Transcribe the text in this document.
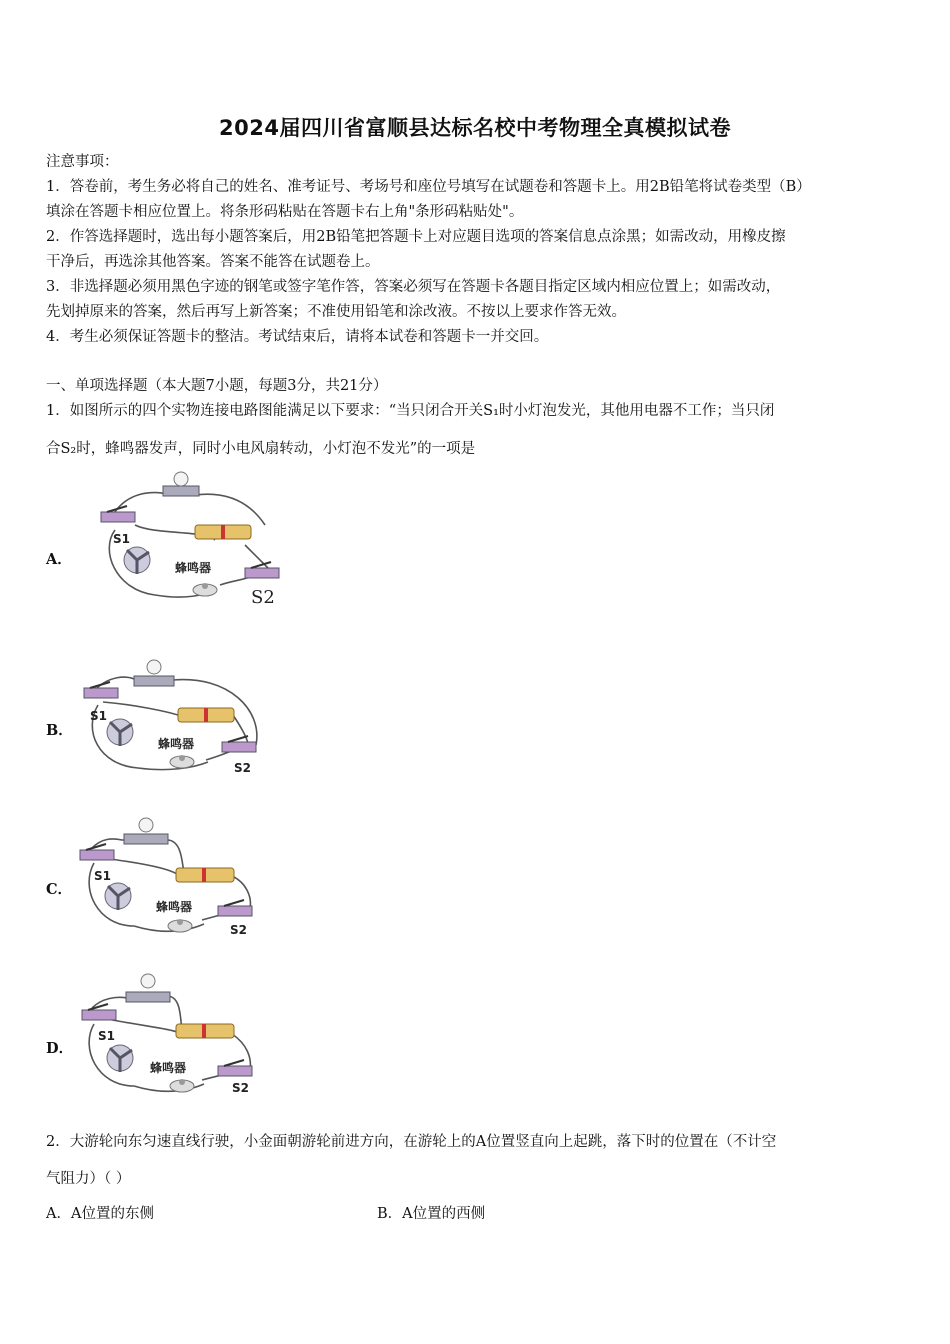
2024届四川省富顺县达标名校中考物理全真模拟试卷
注意事项：
1．答卷前，考生务必将自己的姓名、准考证号、考场号和座位号填写在试题卷和答题卡上。用2B铅笔将试卷类型（B）
填涂在答题卡相应位置上。将条形码粘贴在答题卡右上角"条形码粘贴处"。
2．作答选择题时，选出每小题答案后，用2B铅笔把答题卡上对应题目选项的答案信息点涂黑；如需改动，用橡皮擦
干净后，再选涂其他答案。答案不能答在试题卷上。
3．非选择题必须用黑色字迹的钢笔或签字笔作答，答案必须写在答题卡各题目指定区域内相应位置上；如需改动，
先划掉原来的答案，然后再写上新答案；不准使用铅笔和涂改液。不按以上要求作答无效。
4．考生必须保证答题卡的整洁。考试结束后，请将本试卷和答题卡一并交回。
一、单项选择题（本大题7小题，每题3分，共21分）
1．如图所示的四个实物连接电路图能满足以下要求：“当只闭合开关S₁时小灯泡发光，其他用电器不工作；当只闭
合S₂时，蜂鸣器发声，同时小电风扇转动，小灯泡不发光”的一项是
A．
S1
蜂鸣器
S2
B．
S1
蜂鸣器
S2
C．
S1
蜂鸣器
S2
D．
S1
蜂鸣器
S2
2．大游轮向东匀速直线行驶，小金面朝游轮前进方向，在游轮上的A位置竖直向上起跳，落下时的位置在（不计空
气阻力）（ ）
A．A位置的东侧	B．A位置的西侧
